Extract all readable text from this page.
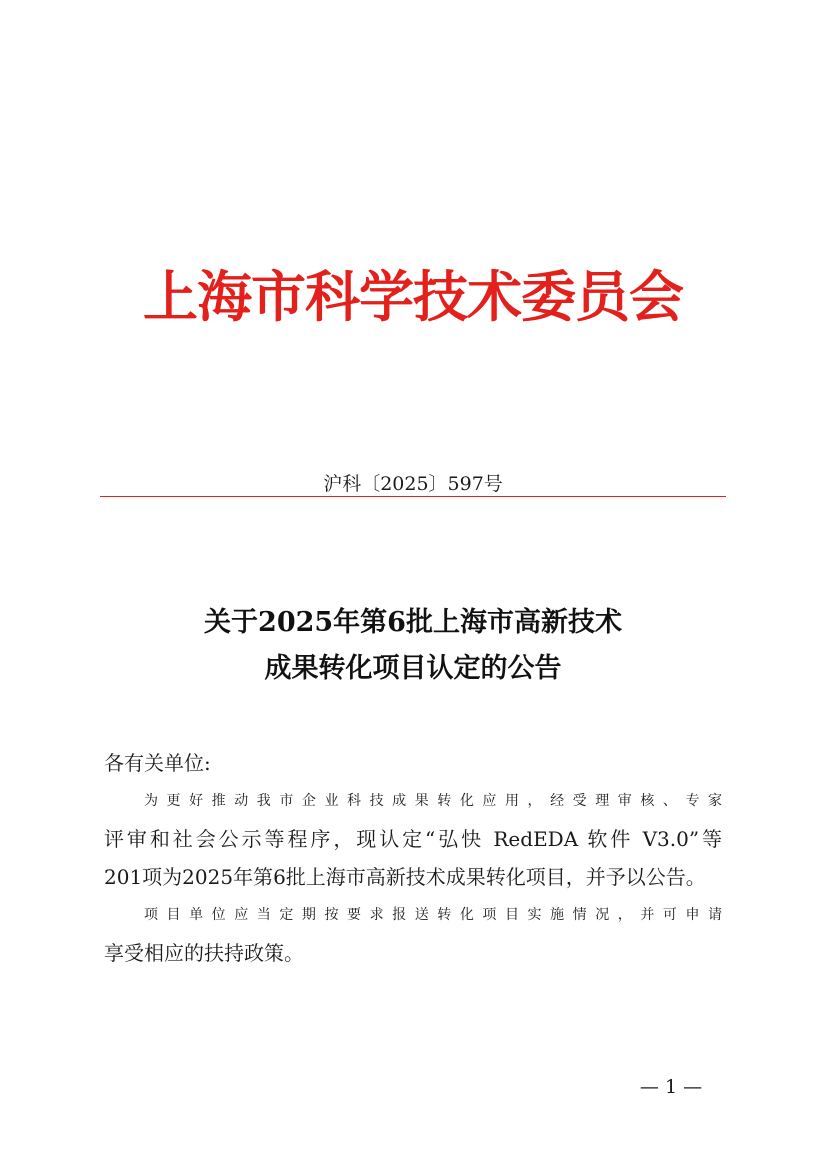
上海市科学技术委员会
沪科〔2025〕597号
关于2025年第6批上海市高新技术
成果转化项目认定的公告

各有关单位:

为更好推动我市企业科技成果转化应用，经受理审核、专家
评审和社会公示等程序，现认定“弘快 RedEDA 软件 V3.0”等
201项为2025年第6批上海市高新技术成果转化项目，并予以公告。

项目单位应当定期按要求报送转化项目实施情况，并可申请
享受相应的扶持政策。

— 1 —
